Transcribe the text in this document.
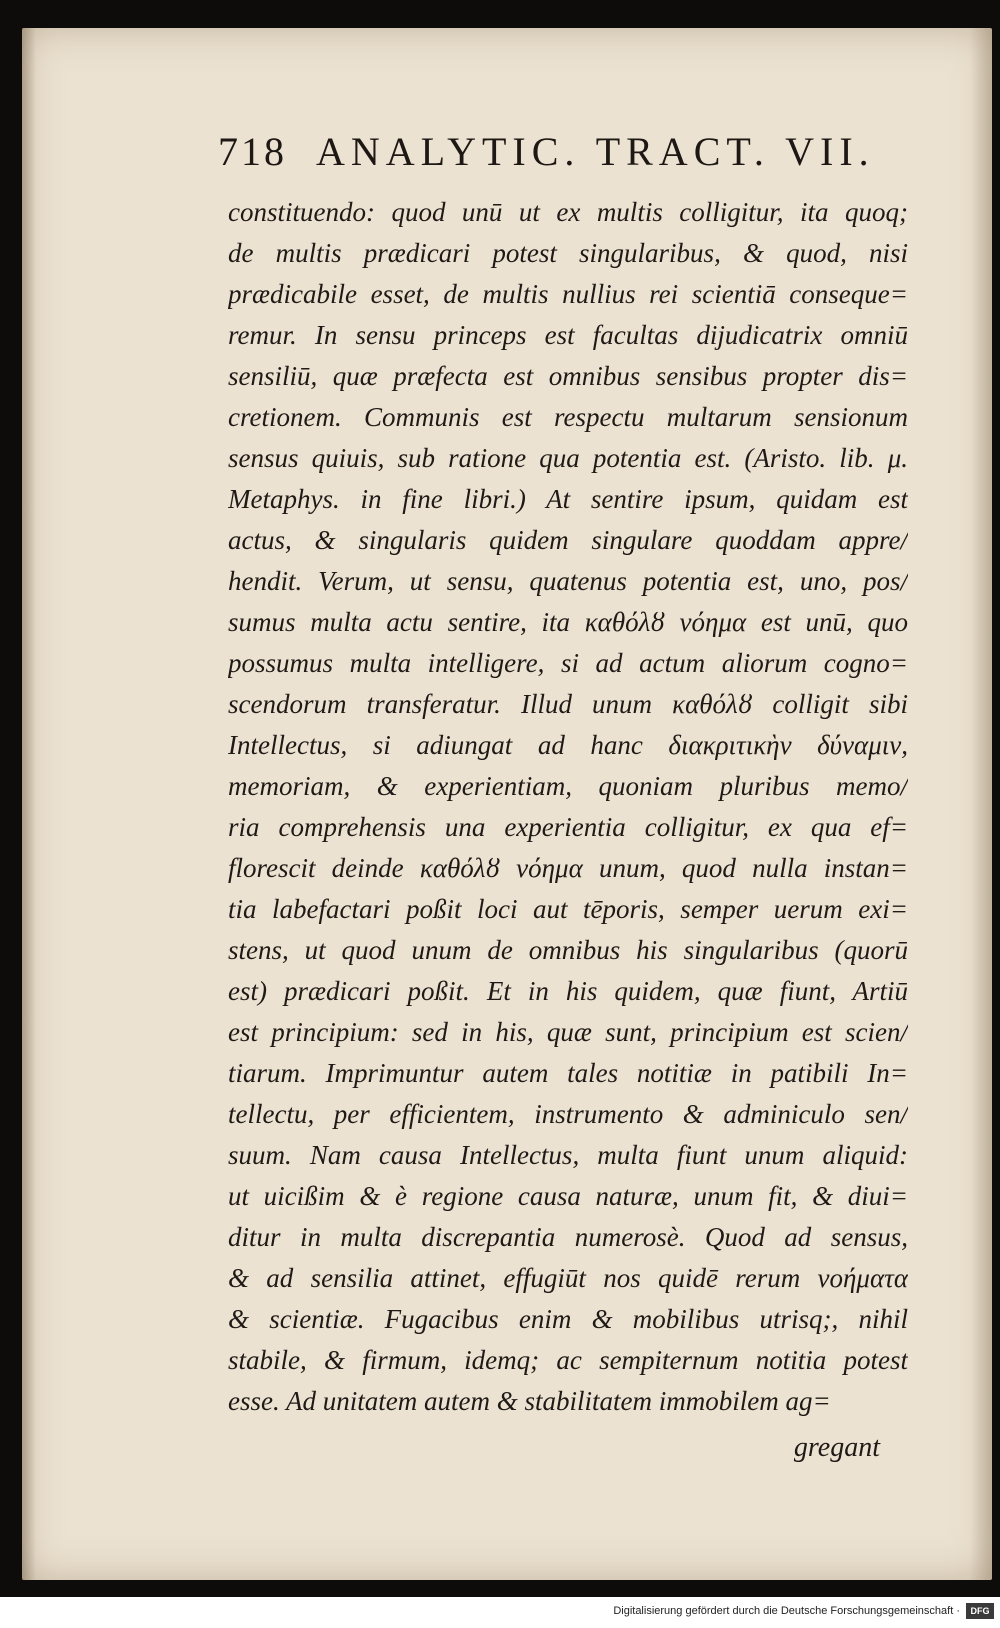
718 ANALYTIC. TRACT. VII.
constituendo: quod unū ut ex multis colligitur, ita quoq;
de multis prædicari potest singularibus, & quod, nisi
prædicabile esset, de multis nullius rei scientiā conseque=
remur. In sensu princeps est facultas dijudicatrix omniū
sensiliū, quæ præfecta est omnibus sensibus propter dis=
cretionem. Communis est respectu multarum sensionum
sensus quiuis, sub ratione qua potentia est. (Aristo. lib. μ.
Metaphys. in fine libri.) At sentire ipsum, quidam est
actus, & singularis quidem singulare quoddam appre/
hendit. Verum, ut sensu, quatenus potentia est, uno, pos/
sumus multa actu sentire, ita καθόλȣ νόημα est unū, quo
possumus multa intelligere, si ad actum aliorum cogno=
scendorum transferatur. Illud unum καθόλȣ colligit sibi
Intellectus, si adiungat ad hanc διακριτικὴν δύναμιν,
memoriam, & experientiam, quoniam pluribus memo/
ria comprehensis una experientia colligitur, ex qua ef=
florescit deinde καθόλȣ νόημα unum, quod nulla instan=
tia labefactari poßit loci aut tēporis, semper uerum exi=
stens, ut quod unum de omnibus his singularibus (quorū
est) prædicari poßit. Et in his quidem, quæ fiunt, Artiū
est principium: sed in his, quæ sunt, principium est scien/
tiarum. Imprimuntur autem tales notitiæ in patibili In=
tellectu, per efficientem, instrumento & adminiculo sen/
suum. Nam causa Intellectus, multa fiunt unum aliquid:
ut uicißim & è regione causa naturæ, unum fit, & diui=
ditur in multa discrepantia numerosè. Quod ad sensus,
& ad sensilia attinet, effugiūt nos quidē rerum νοήματα
& scientiæ. Fugacibus enim & mobilibus utrisq;, nihil
stabile, & firmum, idemq; ac sempiternum notitia potest
esse. Ad unitatem autem & stabilitatem immobilem ag=
gregant
Digitalisierung gefördert durch die Deutsche Forschungsgemeinschaft ·	DFG
